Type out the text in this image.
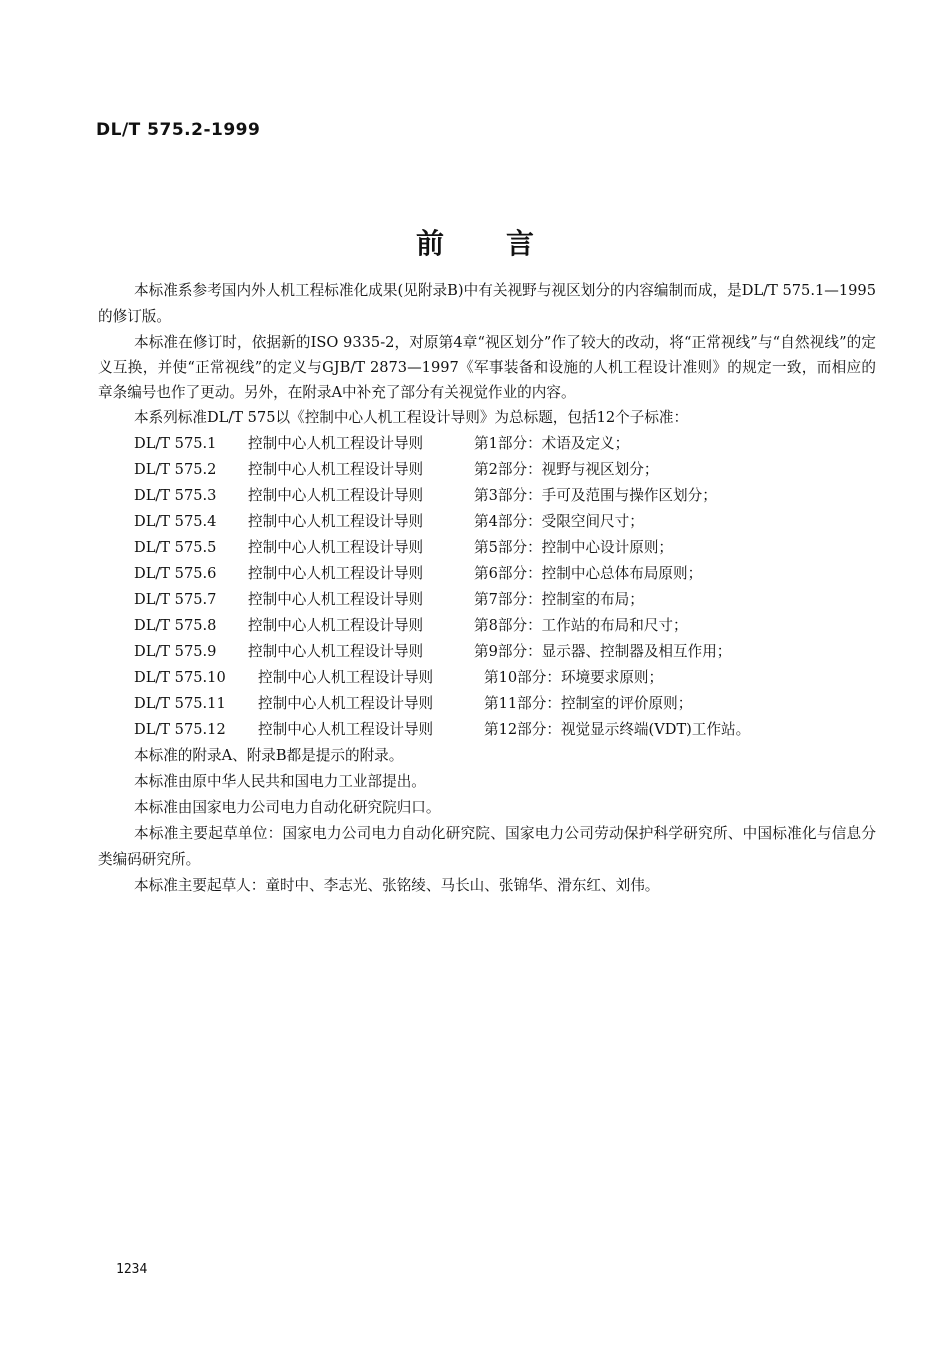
DL/T 575.2-1999
前 言

本标准系参考国内外人机工程标准化成果(见附录B)中有关视野与视区划分的内容编制而成，是DL/T 575.1—1995的修订版。

本标准在修订时，依据新的ISO 9335-2，对原第4章“视区划分”作了较大的改动，将“正常视线”与“自然视线”的定义互换，并使“正常视线”的定义与GJB/T 2873—1997《军事装备和设施的人机工程设计准则》的规定一致，而相应的章条编号也作了更动。另外，在附录A中补充了部分有关视觉作业的内容。

本系列标准DL/T 575以《控制中心人机工程设计导则》为总标题，包括12个子标准：

DL/T 575.1	控制中心人机工程设计导则	第1部分：术语及定义；
DL/T 575.2	控制中心人机工程设计导则	第2部分：视野与视区划分；
DL/T 575.3	控制中心人机工程设计导则	第3部分：手可及范围与操作区划分；
DL/T 575.4	控制中心人机工程设计导则	第4部分：受限空间尺寸；
DL/T 575.5	控制中心人机工程设计导则	第5部分：控制中心设计原则；
DL/T 575.6	控制中心人机工程设计导则	第6部分：控制中心总体布局原则；
DL/T 575.7	控制中心人机工程设计导则	第7部分：控制室的布局；
DL/T 575.8	控制中心人机工程设计导则	第8部分：工作站的布局和尺寸；
DL/T 575.9	控制中心人机工程设计导则	第9部分：显示器、控制器及相互作用；
DL/T 575.10	控制中心人机工程设计导则	第10部分：环境要求原则；
DL/T 575.11	控制中心人机工程设计导则	第11部分：控制室的评价原则；
DL/T 575.12	控制中心人机工程设计导则	第12部分：视觉显示终端(VDT)工作站。

本标准的附录A、附录B都是提示的附录。

本标准由原中华人民共和国电力工业部提出。

本标准由国家电力公司电力自动化研究院归口。

本标准主要起草单位：国家电力公司电力自动化研究院、国家电力公司劳动保护科学研究所、中国标准化与信息分类编码研究所。

本标准主要起草人：童时中、李志光、张铭绫、马长山、张锦华、滑东红、刘伟。

1234
